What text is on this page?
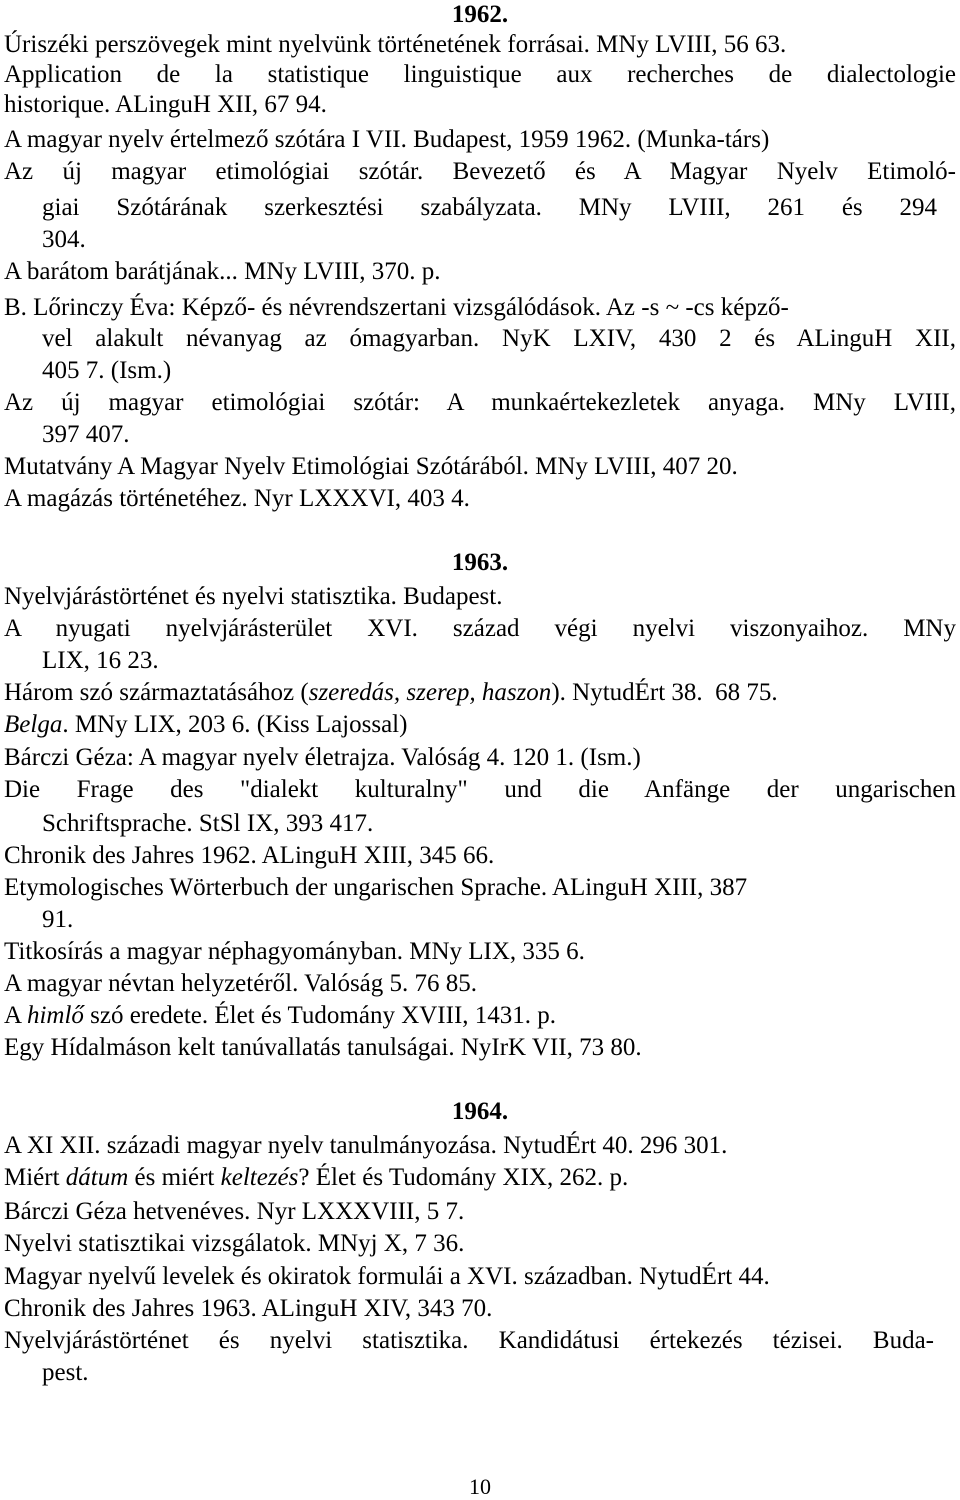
1962.
Úriszéki perszövegek mint nyelvünk történetének forrásai. MNy LVIII, 56 63.
Application de la statistique linguistique aux recherches de dialectologie
historique. ALinguH XII, 67 94.
A magyar nyelv értelmező szótára I VII. Budapest, 1959 1962. (Munka-társ)
Az új magyar etimológiai szótár. Bevezető és A Magyar Nyelv Etimoló-
giai Szótárának szerkesztési szabályzata. MNy LVIII, 261 és 294
304.
A barátom barátjának... MNy LVIII, 370. p.
B. Lőrinczy Éva: Képző- és névrendszertani vizsgálódások. Az -s ~ -cs képző-
vel alakult névanyag az ómagyarban. NyK LXIV, 430 2 és ALinguH XII,
405 7. (Ism.)
Az új magyar etimológiai szótár: A munkaértekezletek anyaga. MNy LVIII,
397 407.
Mutatvány A Magyar Nyelv Etimológiai Szótárából. MNy LVIII, 407 20.
A magázás történetéhez. Nyr LXXXVI, 403 4.
1963.
Nyelvjárástörténet és nyelvi statisztika. Budapest.
A nyugati nyelvjárásterület XVI. század végi nyelvi viszonyaihoz. MNy
LIX, 16 23.
Három szó származtatásához (szeredás, szerep, haszon). NytudÉrt 38.  68 75.
Belga. MNy LIX, 203 6. (Kiss Lajossal)
Bárczi Géza: A magyar nyelv életrajza. Valóság 4. 120 1. (Ism.)
Die Frage des "dialekt kulturalny" und die Anfänge der ungarischen
Schriftsprache. StSl IX, 393 417.
Chronik des Jahres 1962. ALinguH XIII, 345 66.
Etymologisches Wörterbuch der ungarischen Sprache. ALinguH XIII, 387
91.
Titkosírás a magyar néphagyományban. MNy LIX, 335 6.
A magyar névtan helyzetéről. Valóság 5. 76 85.
A himlő szó eredete. Élet és Tudomány XVIII, 1431. p.
Egy Hídalmáson kelt tanúvallatás tanulságai. NyIrK VII, 73 80.
1964.
A XI XII. századi magyar nyelv tanulmányozása. NytudÉrt 40. 296 301.
Miért dátum és miért keltezés? Élet és Tudomány XIX, 262. p.
Bárczi Géza hetvenéves. Nyr LXXXVIII, 5 7.
Nyelvi statisztikai vizsgálatok. MNyj X, 7 36.
Magyar nyelvű levelek és okiratok formulái a XVI. században. NytudÉrt 44.
Chronik des Jahres 1963. ALinguH XIV, 343 70.
Nyelvjárástörténet és nyelvi statisztika. Kandidátusi értekezés tézisei. Buda-
pest.
10
